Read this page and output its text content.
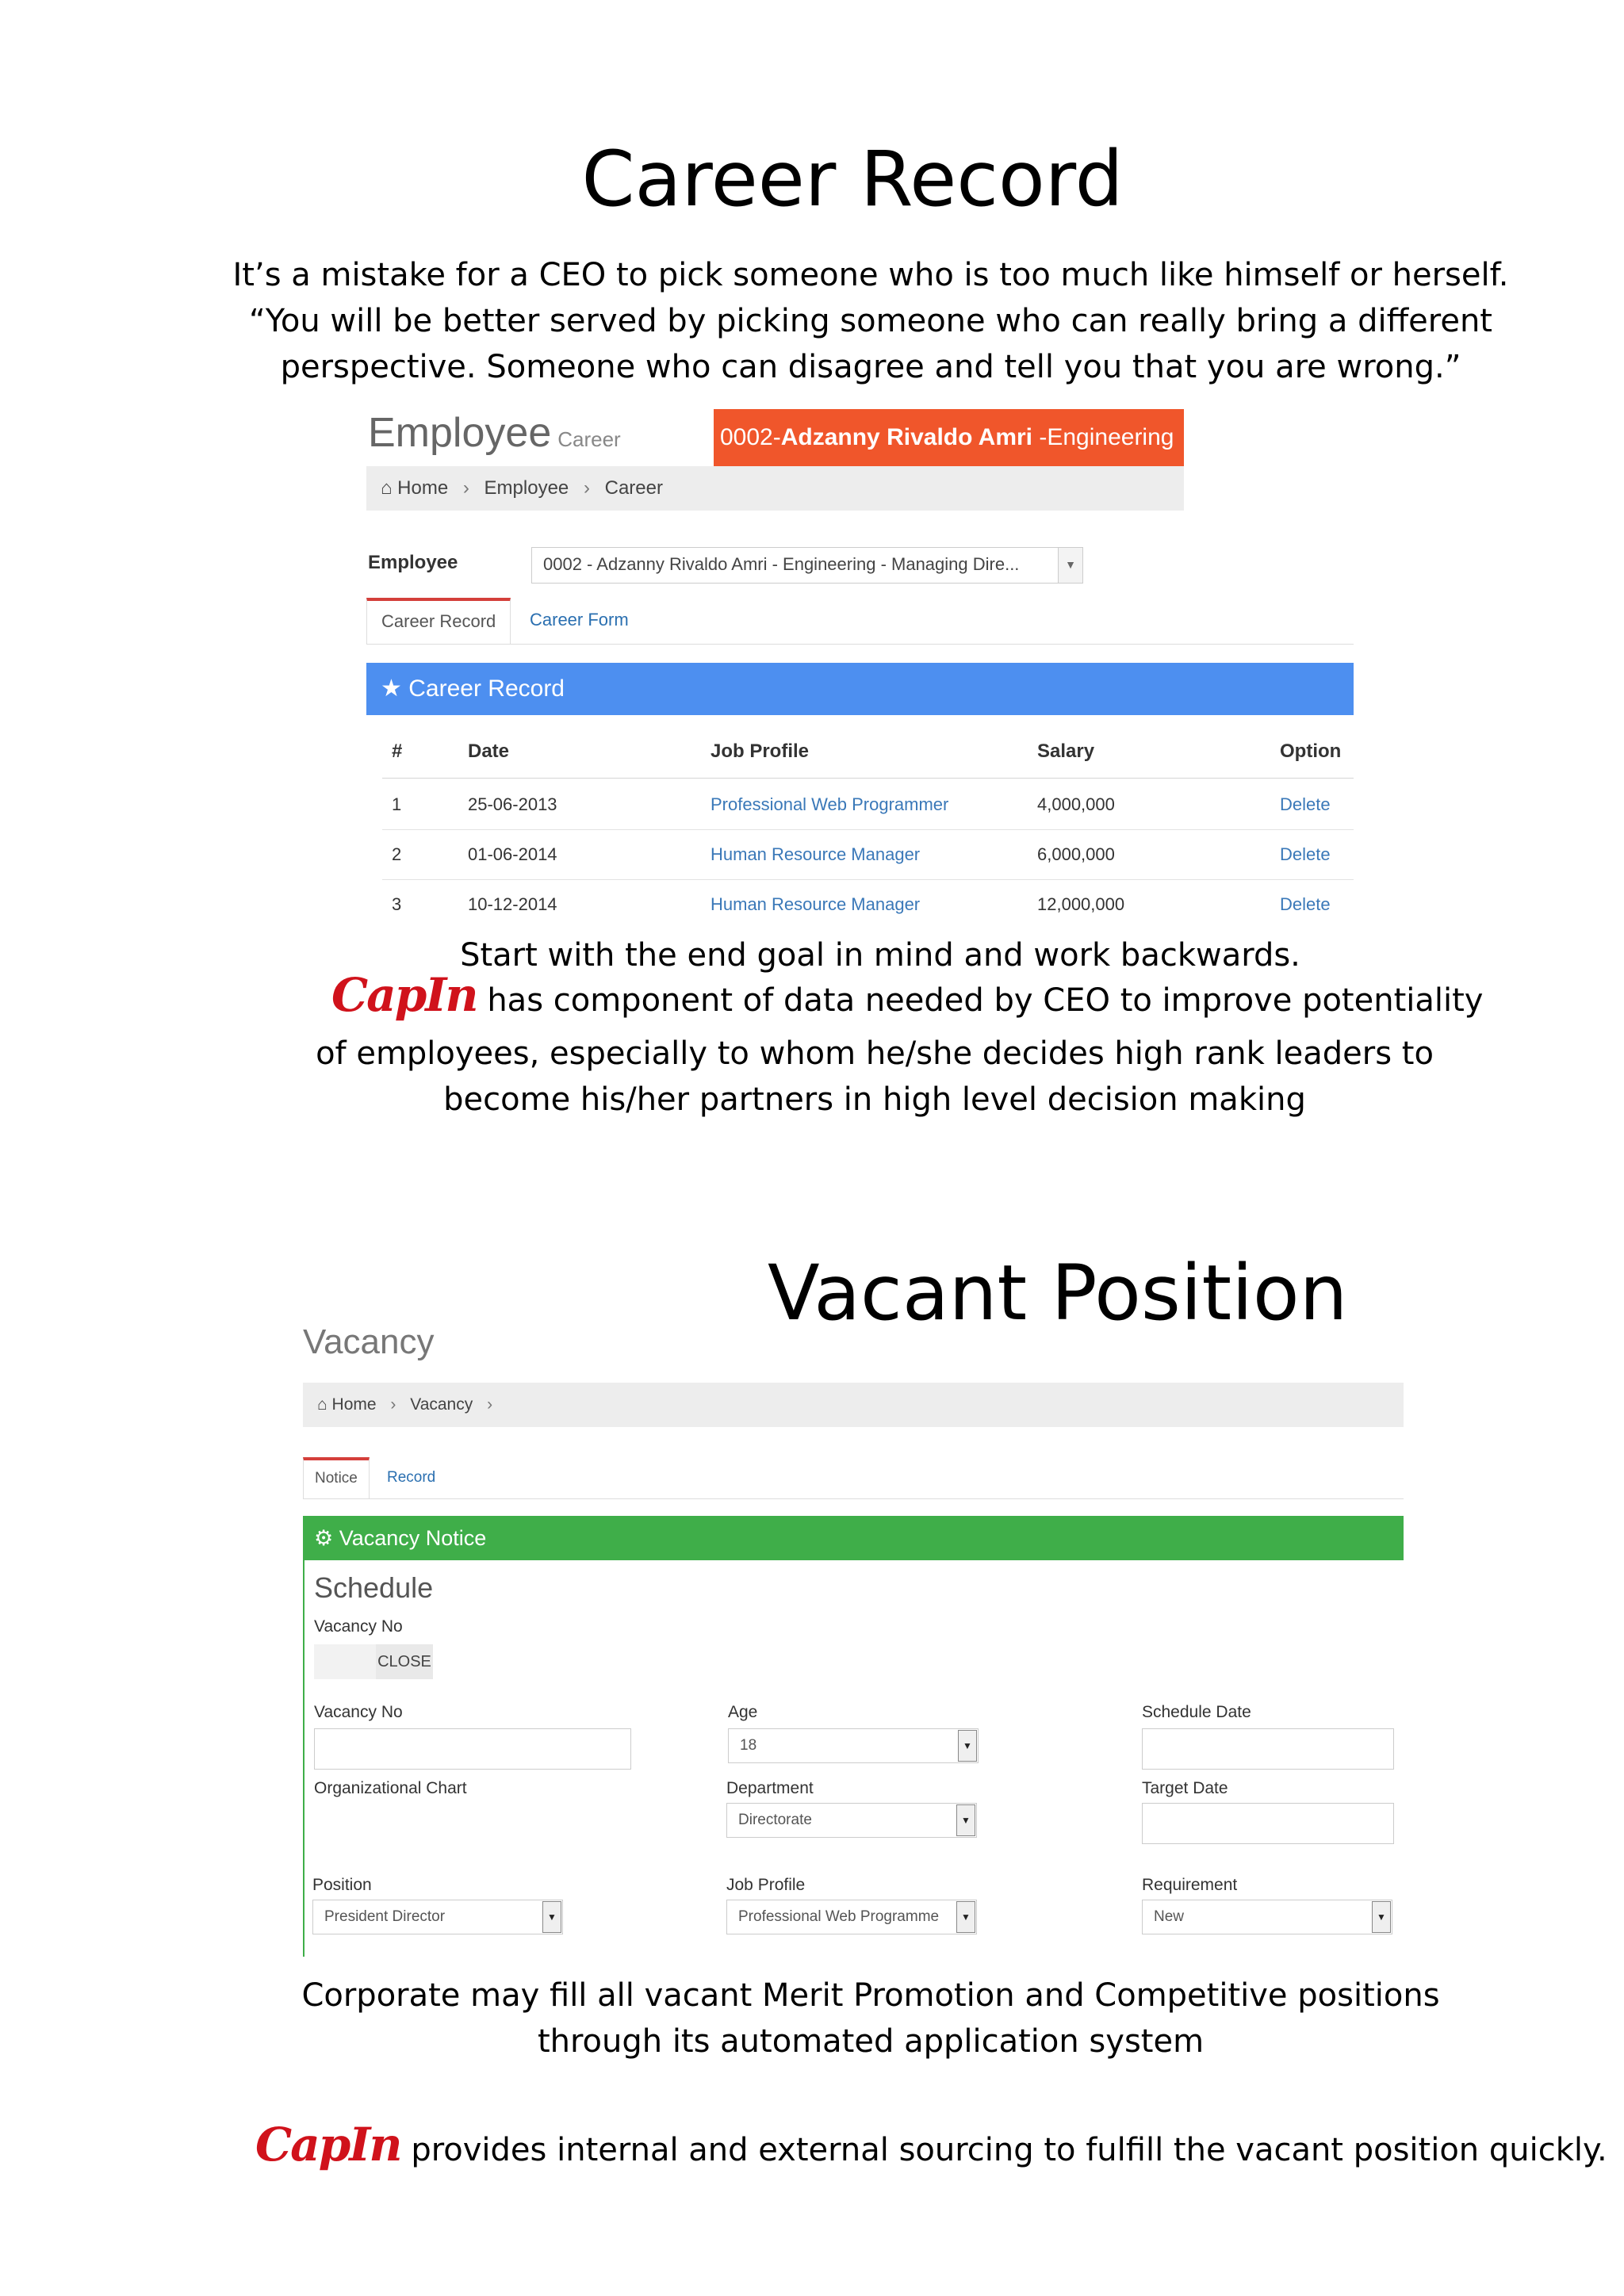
Career Record
It’s a mistake for a CEO to pick someone who is too much like himself or herself.
“You will be better served by picking someone who can really bring a different
perspective. Someone who can disagree and tell you that you are wrong.”
Employee Career	0002-Adzanny Rivaldo Amri -Engineering
⌂ Home › Employee › Career
Employee	0002 - Adzanny Rivaldo Amri - Engineering - Managing Dire...	▼
Career Record	Career Form
★ Career Record
#	Date	Job Profile	Salary	Option
1	25-06-2013	Professional Web Programmer	4,000,000	Delete
2	01-06-2014	Human Resource Manager	6,000,000	Delete
3	10-12-2014	Human Resource Manager	12,000,000	Delete
Start with the end goal in mind and work backwards.
CapIn has component of data needed by CEO to improve potentiality
of employees, especially to whom he/she decides high rank leaders to
become his/her partners in high level decision making
Vacant Position
Vacancy
⌂ Home › Vacancy ›
Notice	Record
⚙ Vacancy Notice
Schedule
Vacancy No
CLOSE
Vacancy No
Organizational Chart
Position
President Director	▼
Age
18	▼
Department
Directorate	▼
Job Profile
Professional Web Programme	▼
Schedule Date
Target Date
Requirement
New	▼
Corporate may fill all vacant Merit Promotion and Competitive positions
through its automated application system
CapIn provides internal and external sourcing to fulfill the vacant position quickly.
